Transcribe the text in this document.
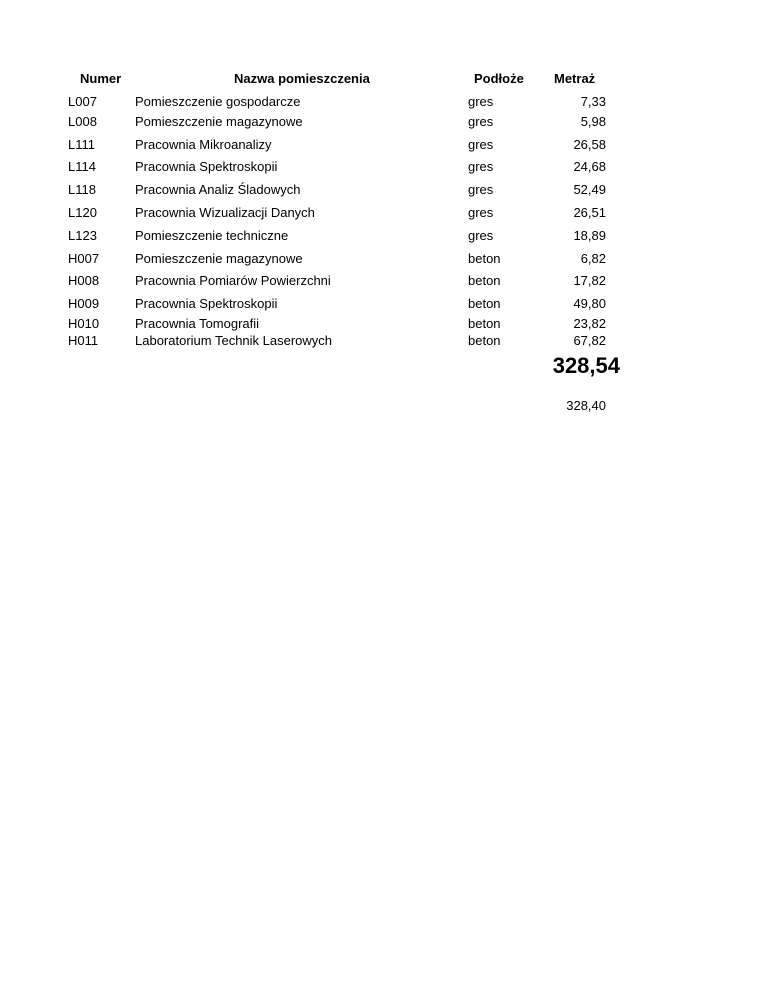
Numer	Nazwa pomieszczenia	Podłoże Metraż
L007	Pomieszczenie gospodarcze	gres	7,33
L008	Pomieszczenie magazynowe	gres	5,98
L111	Pracownia Mikroanalizy	gres	26,58
L114	Pracownia Spektroskopii	gres	24,68
L118	Pracownia Analiz Śladowych	gres	52,49
L120	Pracownia Wizualizacji Danych	gres	26,51
L123	Pomieszczenie techniczne	gres	18,89
H007	Pomieszczenie magazynowe	beton	6,82
H008	Pracownia Pomiarów Powierzchni	beton	17,82
H009	Pracownia Spektroskopii	beton	49,80
H010	Pracownia Tomografii	beton	23,82
H011	Laboratorium Technik Laserowych	beton	67,82
328,54
328,40
